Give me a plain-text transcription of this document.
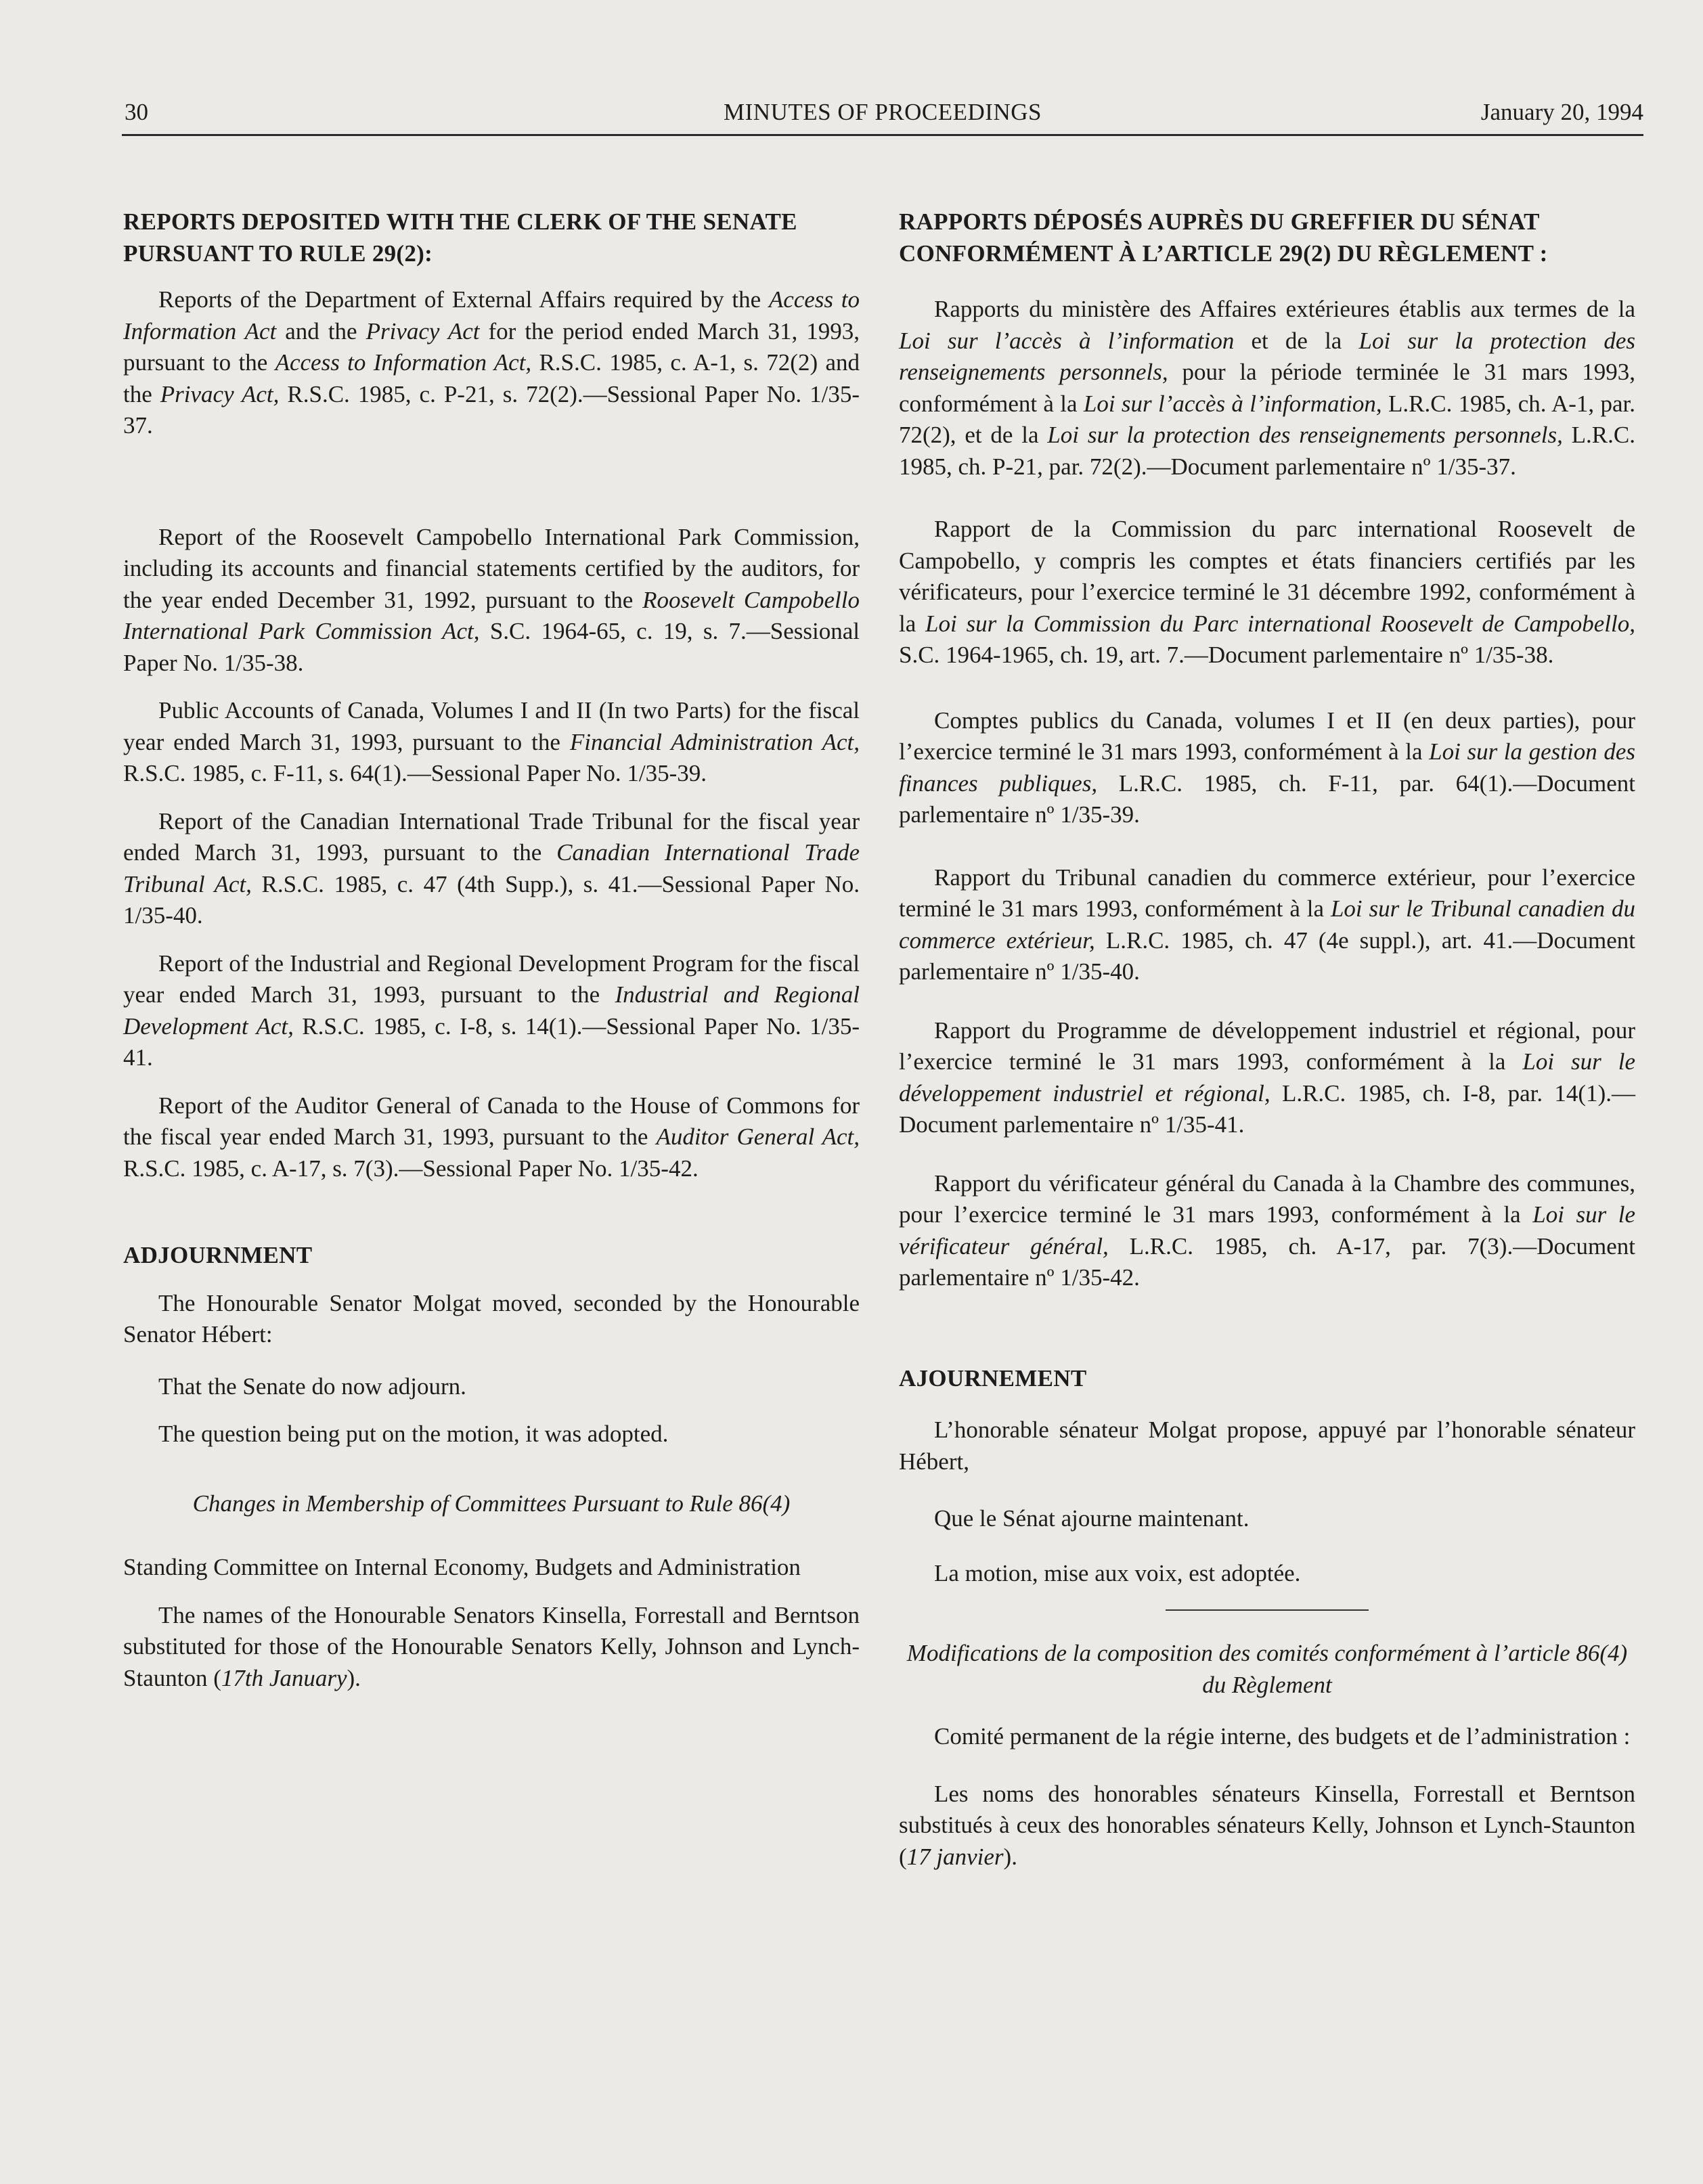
30	MINUTES OF PROCEEDINGS	January 20, 1994
REPORTS DEPOSITED WITH THE CLERK OF THE SENATE PURSUANT TO RULE 29(2):

Reports of the Department of External Affairs required by the Access to Information Act and the Privacy Act for the period ended March 31, 1993, pursuant to the Access to Information Act, R.S.C. 1985, c. A-1, s. 72(2) and the Privacy Act, R.S.C. 1985, c. P-21, s. 72(2).—Sessional Paper No. 1/35-37.

Report of the Roosevelt Campobello International Park Commission, including its accounts and financial statements certified by the auditors, for the year ended December 31, 1992, pursuant to the Roosevelt Campobello International Park Commission Act, S.C. 1964-65, c. 19, s. 7.—Sessional Paper No. 1/35-38.

Public Accounts of Canada, Volumes I and II (In two Parts) for the fiscal year ended March 31, 1993, pursuant to the Financial Administration Act, R.S.C. 1985, c. F-11, s. 64(1).—Sessional Paper No. 1/35-39.

Report of the Canadian International Trade Tribunal for the fiscal year ended March 31, 1993, pursuant to the Canadian International Trade Tribunal Act, R.S.C. 1985, c. 47 (4th Supp.), s. 41.—Sessional Paper No. 1/35-40.

Report of the Industrial and Regional Development Program for the fiscal year ended March 31, 1993, pursuant to the Industrial and Regional Development Act, R.S.C. 1985, c. I-8, s. 14(1).—Sessional Paper No. 1/35-41.

Report of the Auditor General of Canada to the House of Commons for the fiscal year ended March 31, 1993, pursuant to the Auditor General Act, R.S.C. 1985, c. A-17, s. 7(3).—Sessional Paper No. 1/35-42.

ADJOURNMENT

The Honourable Senator Molgat moved, seconded by the Honourable Senator Hébert:

That the Senate do now adjourn.

The question being put on the motion, it was adopted.

Changes in Membership of Committees Pursuant to Rule 86(4)

Standing Committee on Internal Economy, Budgets and Administration

The names of the Honourable Senators Kinsella, Forrestall and Berntson substituted for those of the Honourable Senators Kelly, Johnson and Lynch-Staunton (17th January).

RAPPORTS DÉPOSÉS AUPRÈS DU GREFFIER DU SÉNAT CONFORMÉMENT À L’ARTICLE 29(2) DU RÈGLEMENT :

Rapports du ministère des Affaires extérieures établis aux termes de la Loi sur l’accès à l’information et de la Loi sur la protection des renseignements personnels, pour la période terminée le 31 mars 1993, conformément à la Loi sur l’accès à l’information, L.R.C. 1985, ch. A-1, par. 72(2), et de la Loi sur la protection des renseignements personnels, L.R.C. 1985, ch. P-21, par. 72(2).—Document parlementaire nº 1/35-37.

Rapport de la Commission du parc international Roosevelt de Campobello, y compris les comptes et états financiers certifiés par les vérificateurs, pour l’exercice terminé le 31 décembre 1992, conformément à la Loi sur la Commission du Parc international Roosevelt de Campobello, S.C. 1964-1965, ch. 19, art. 7.—Document parlementaire nº 1/35-38.

Comptes publics du Canada, volumes I et II (en deux parties), pour l’exercice terminé le 31 mars 1993, conformément à la Loi sur la gestion des finances publiques, L.R.C. 1985, ch. F-11, par. 64(1).—Document parlementaire nº 1/35-39.

Rapport du Tribunal canadien du commerce extérieur, pour l’exercice terminé le 31 mars 1993, conformément à la Loi sur le Tribunal canadien du commerce extérieur, L.R.C. 1985, ch. 47 (4e suppl.), art. 41.—Document parlementaire nº 1/35-40.

Rapport du Programme de développement industriel et régional, pour l’exercice terminé le 31 mars 1993, conformément à la Loi sur le développement industriel et régional, L.R.C. 1985, ch. I-8, par. 14(1).—Document parlementaire nº 1/35-41.

Rapport du vérificateur général du Canada à la Chambre des communes, pour l’exercice terminé le 31 mars 1993, conformément à la Loi sur le vérificateur général, L.R.C. 1985, ch. A-17, par. 7(3).—Document parlementaire nº 1/35-42.

AJOURNEMENT

L’honorable sénateur Molgat propose, appuyé par l’honorable sénateur Hébert,

Que le Sénat ajourne maintenant.

La motion, mise aux voix, est adoptée.

Modifications de la composition des comités conformément à l’article 86(4) du Règlement

Comité permanent de la régie interne, des budgets et de l’administration :

Les noms des honorables sénateurs Kinsella, Forrestall et Berntson substitués à ceux des honorables sénateurs Kelly, Johnson et Lynch-Staunton (17 janvier).
